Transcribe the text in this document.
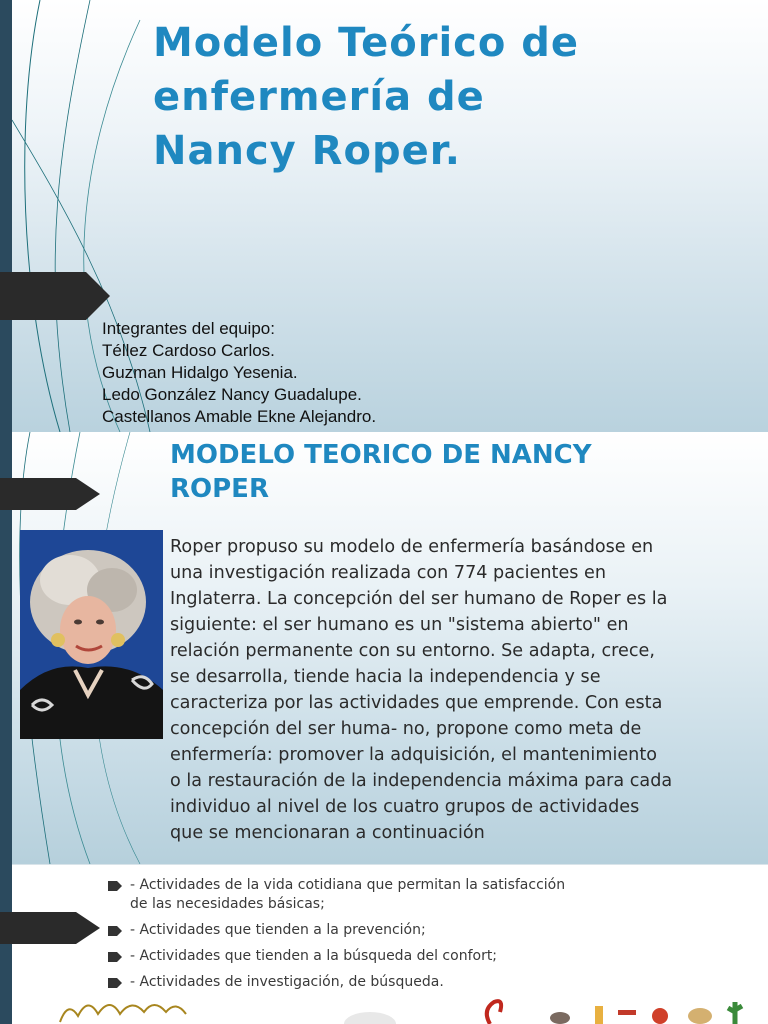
Modelo Teórico de
enfermería de
Nancy Roper.
Integrantes del equipo:
Téllez Cardoso Carlos.
Guzman Hidalgo Yesenia.
Ledo González Nancy Guadalupe.
Castellanos Amable Ekne Alejandro.
MODELO TEORICO DE NANCY
ROPER
Roper propuso su modelo de enfermería basándose en
una investigación realizada con 774 pacientes en
Inglaterra. La concepción del ser humano de Roper es la
siguiente: el ser humano es un "sistema abierto" en
relación permanente con su entorno. Se adapta, crece,
se desarrolla, tiende hacia la independencia y se
caracteriza por las actividades que emprende. Con esta
concepción del ser huma- no, propone como meta de
enfermería: promover la adquisición, el mantenimiento
o la restauración de la independencia máxima para cada
individuo al nivel de los cuatro grupos de actividades
que se mencionaran a continuación
- Actividades de la vida cotidiana que permitan la satisfacción
de las necesidades básicas;
- Actividades que tienden a la prevención;
- Actividades que tienden a la búsqueda del confort;
- Actividades de investigación, de búsqueda.
